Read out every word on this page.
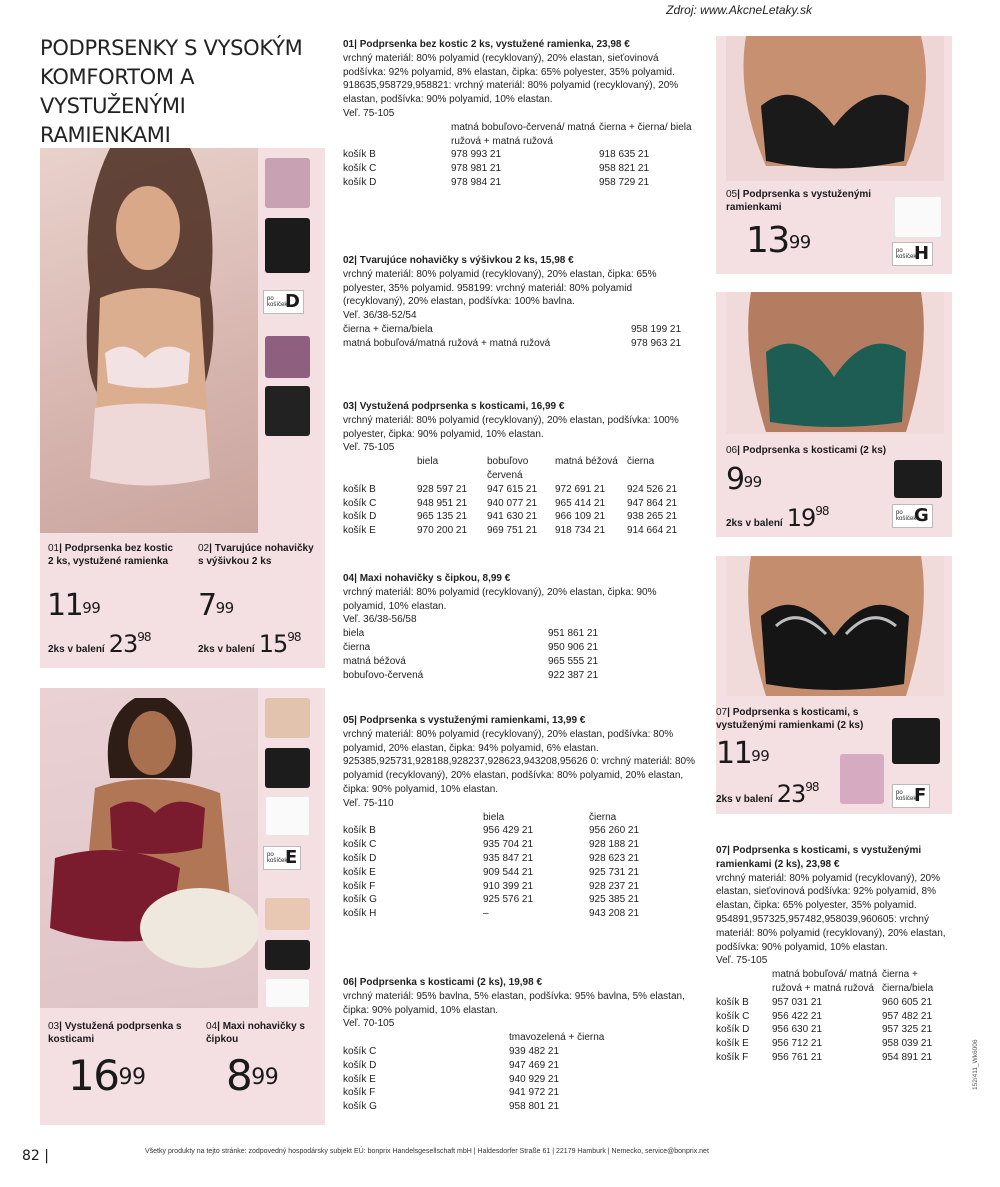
Zdroj: www.AkcneLetaky.sk
PODPRSENKY S VYSOKÝM KOMFORTOM A VYSTUŽENÝMI RAMIENKAMI
po košíček
D
01| Podprsenka bez kostic 2 ks, vystužené ramienka
$11^{99}$
2ks v balení $23^{98}$
02| Tvarujúce nohavičky s výšivkou 2 ks
$7^{99}$
2ks v balení $15^{98}$
po košíček
E
03| Vystužená podprsenka s kosticami
$16^{99}$
04| Maxi nohavičky s čipkou
$8^{99}$
01| Podprsenka bez kostic 2 ks, vystužené ramienka, 23,98 €

vrchný materiál: 80% polyamid (recyklovaný), 20% elastan, sieťovinová podšívka: 92% polyamid, 8% elastan, čipka: 65% polyester, 35% polyamid. 918635,958729,958821: vrchný materiál: 80% polyamid (recyklovaný), 20% elastan, podšívka: 90% polyamid, 10% elastan.
Veľ. 75-105

	matná bobuľovo-červená/ matná ružová + matná ružová	čierna + čierna/ biela
košík B	978 993 21	918 635 21
košík C	978 981 21	958 821 21
košík D	978 984 21	958 729 21
02| Tvarujúce nohavičky s výšivkou 2 ks, 15,98 €

vrchný materiál: 80% polyamid (recyklovaný), 20% elastan, čipka: 65% polyester, 35% polyamid. 958199: vrchný materiál: 80% polyamid (recyklovaný), 20% elastan, podšívka: 100% bavlna.
Veľ. 36/38-52/54

čierna + čierna/biela	958 199 21
matná bobuľová/matná ružová + matná ružová	978 963 21
03| Vystužená podprsenka s kosticami, 16,99 €

vrchný materiál: 80% polyamid (recyklovaný), 20% elastan, podšívka: 100% polyester, čipka: 90% polyamid, 10% elastan.
Veľ. 75-105

	biela	bobuľovo červená	matná béžová	čierna
košík B	928 597 21	947 615 21	972 691 21	924 526 21
košík C	948 951 21	940 077 21	965 414 21	947 864 21
košík D	965 135 21	941 630 21	966 109 21	938 265 21
košík E	970 200 21	969 751 21	918 734 21	914 664 21
04| Maxi nohavičky s čipkou, 8,99 €

vrchný materiál: 80% polyamid (recyklovaný), 20% elastan, čipka: 90% polyamid, 10% elastan.
Veľ. 36/38-56/58

biela	951 861 21
čierna	950 906 21
matná béžová	965 555 21
bobuľovo-červená	922 387 21
05| Podprsenka s vystuženými ramienkami, 13,99 €

vrchný materiál: 80% polyamid (recyklovaný), 20% elastan, podšívka: 80% polyamid, 20% elastan, čipka: 94% polyamid, 6% elastan. 925385,925731,928188,928237,928623,943208,95626 0: vrchný materiál: 80% polyamid (recyklovaný), 20% elastan, podšívka: 80% polyamid, 20% elastan, čipka: 90% polyamid, 10% elastan.
Veľ. 75-110

	biela	čierna
košík B	956 429 21	956 260 21
košík C	935 704 21	928 188 21
košík D	935 847 21	928 623 21
košík E	909 544 21	925 731 21
košík F	910 399 21	928 237 21
košík G	925 576 21	925 385 21
košík H	–	943 208 21
06| Podprsenka s kosticami (2 ks), 19,98 €

vrchný materiál: 95% bavlna, 5% elastan, podšívka: 95% bavlna, 5% elastan, čipka: 90% polyamid, 10% elastan.
Veľ. 70-105

	tmavozelená + čierna
košík C	939 482 21
košík D	947 469 21
košík E	940 929 21
košík F	941 972 21
košík G	958 801 21
05| Podprsenka s vystuženými ramienkami
$13^{99}$	po košíček
H
06| Podprsenka s kosticami (2 ks)
$9^{99}$
2ks v balení $19^{98}$	po košíček
G
07| Podprsenka s kosticami, s vystuženými ramienkami (2 ks)
$11^{99}$
2ks v balení $23^{98}$	po košíček
F
07| Podprsenka s kosticami, s vystuženými ramienkami (2 ks), 23,98 €

vrchný materiál: 80% polyamid (recyklovaný), 20% elastan, sieťovinová podšívka: 92% polyamid, 8% elastan, čipka: 65% polyester, 35% polyamid. 954891,957325,957482,958039,960605: vrchný materiál: 80% polyamid (recyklovaný), 20% elastan, podšívka: 90% polyamid, 10% elastan.
Veľ. 75-105

	matná bobuľová/ matná ružová + matná ružová	čierna + čierna/biela
košík B	957 031 21	960 605 21
košík C	956 422 21	957 482 21
košík D	956 630 21	957 325 21
košík E	956 712 21	958 039 21
košík F	956 761 21	954 891 21
82 |	Všetky produkty na tejto stránke: zodpovedný hospodársky subjekt EÚ: bonprix Handelsgesellschaft mbH | Haldesdorfer Straße 61 | 22179 Hamburk | Nemecko, service@bonprix.net
152/411_Wk6006
